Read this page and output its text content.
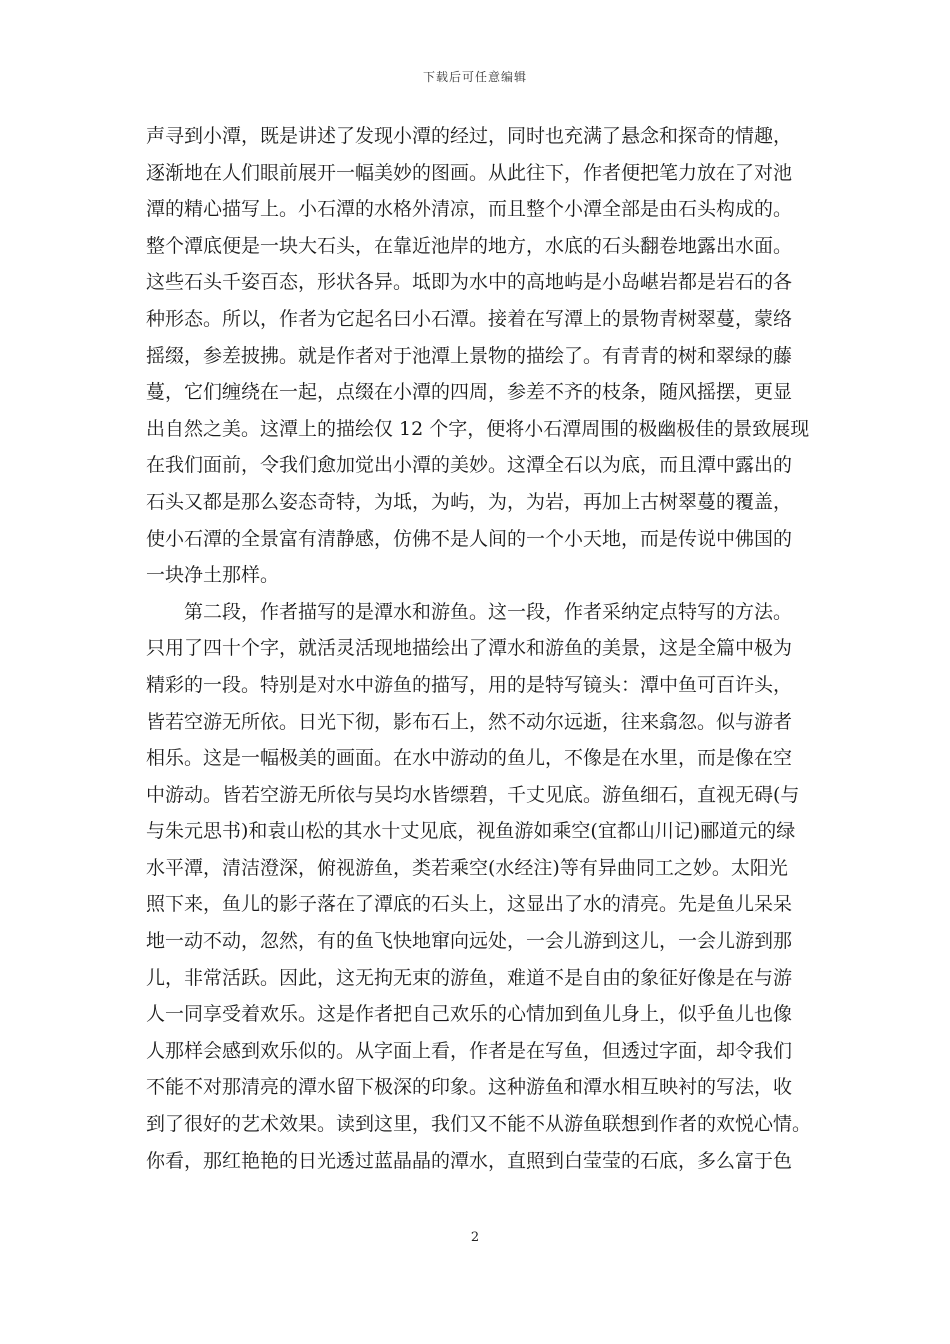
下载后可任意编辑
声寻到小潭，既是讲述了发现小潭的经过，同时也充满了悬念和探奇的情趣，
逐渐地在人们眼前展开一幅美妙的图画。从此往下，作者便把笔力放在了对池
潭的精心描写上。小石潭的水格外清凉，而且整个小潭全部是由石头构成的。
整个潭底便是一块大石头，在靠近池岸的地方，水底的石头翻卷地露出水面。
这些石头千姿百态，形状各异。坻即为水中的高地屿是小岛嵁岩都是岩石的各
种形态。所以，作者为它起名曰小石潭。接着在写潭上的景物青树翠蔓，蒙络
摇缀，参差披拂。就是作者对于池潭上景物的描绘了。有青青的树和翠绿的藤
蔓，它们缠绕在一起，点缀在小潭的四周，参差不齐的枝条，随风摇摆，更显
出自然之美。这潭上的描绘仅 12 个字，便将小石潭周围的极幽极佳的景致展现
在我们面前，令我们愈加觉出小潭的美妙。这潭全石以为底，而且潭中露出的
石头又都是那么姿态奇特，为坻，为屿，为，为岩，再加上古树翠蔓的覆盖，
使小石潭的全景富有清静感，仿佛不是人间的一个小天地，而是传说中佛国的
一块净土那样。
　　第二段，作者描写的是潭水和游鱼。这一段，作者采纳定点特写的方法。
只用了四十个字，就活灵活现地描绘出了潭水和游鱼的美景，这是全篇中极为
精彩的一段。特别是对水中游鱼的描写，用的是特写镜头：潭中鱼可百许头，
皆若空游无所依。日光下彻，影布石上，然不动尔远逝，往来翕忽。似与游者
相乐。这是一幅极美的画面。在水中游动的鱼儿，不像是在水里，而是像在空
中游动。皆若空游无所依与吴均水皆缥碧，千丈见底。游鱼细石，直视无碍(与
与朱元思书)和袁山松的其水十丈见底，视鱼游如乘空(宜都山川记)郦道元的绿
水平潭，清洁澄深，俯视游鱼，类若乘空(水经注)等有异曲同工之妙。太阳光
照下来，鱼儿的影子落在了潭底的石头上，这显出了水的清亮。先是鱼儿呆呆
地一动不动，忽然，有的鱼飞快地窜向远处，一会儿游到这儿，一会儿游到那
儿，非常活跃。因此，这无拘无束的游鱼，难道不是自由的象征好像是在与游
人一同享受着欢乐。这是作者把自己欢乐的心情加到鱼儿身上，似乎鱼儿也像
人那样会感到欢乐似的。从字面上看，作者是在写鱼，但透过字面，却令我们
不能不对那清亮的潭水留下极深的印象。这种游鱼和潭水相互映衬的写法，收
到了很好的艺术效果。读到这里，我们又不能不从游鱼联想到作者的欢悦心情。
你看，那红艳艳的日光透过蓝晶晶的潭水，直照到白莹莹的石底，多么富于色
2
